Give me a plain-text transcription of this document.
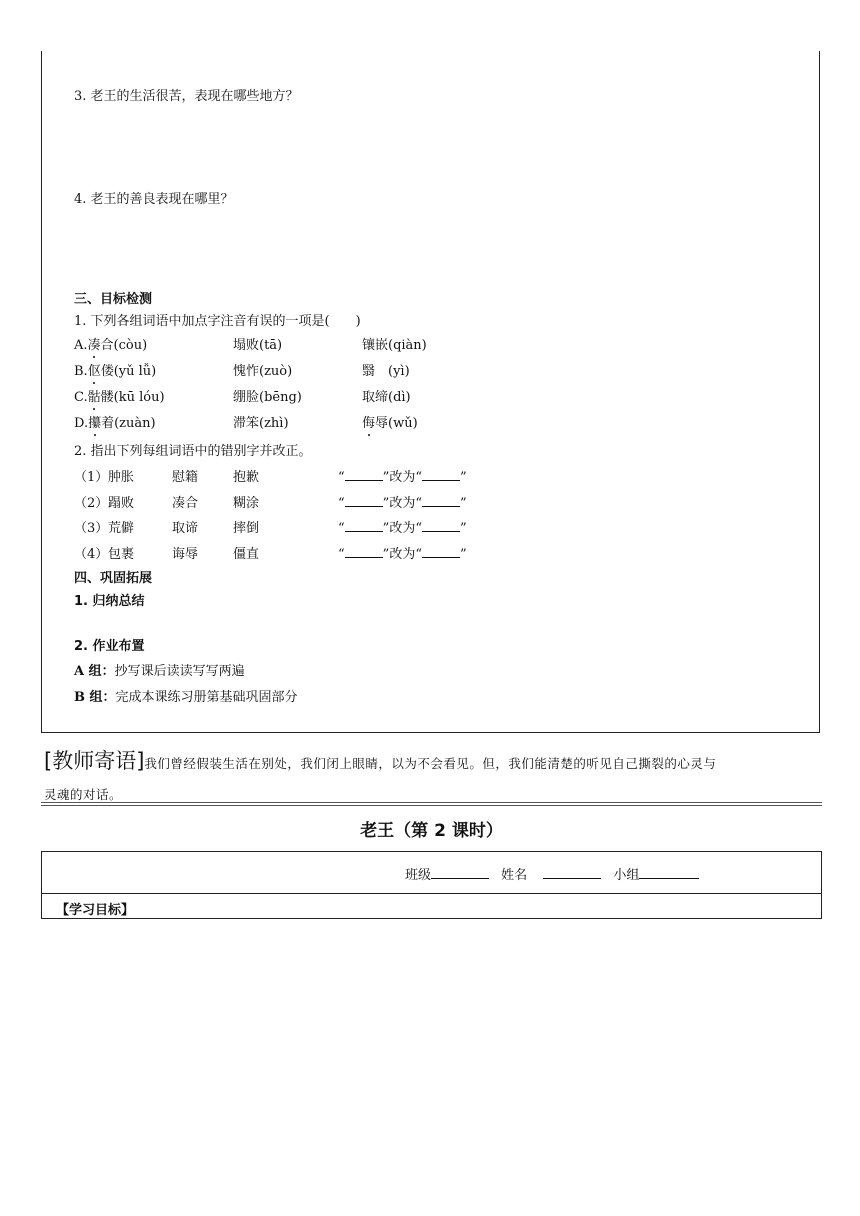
3. 老王的生活很苦，表现在哪些地方？
4. 老王的善良表现在哪里？
三、目标检测
1. 下列各组词语中加点字注音有误的一项是(　　)
A.凑合(còu)	塌败(tā)	镶嵌(qiàn)
B.伛偻(yǔ lǚ)	愧怍(zuò)	翳　(yì)
C.骷髅(kū lóu)	绷脸(bēng)	取缔(dì)
D.攥着(zuàn)	滞笨(zhì)	侮辱(wǔ)
2. 指出下列每组词语中的错别字并改正。
（1） 肿胀	慰籍	抱歉	“	”改为“	”
（2） 蹋败	凑合	糊涂	“	”改为“	”
（3） 荒僻	取谛	摔倒	“	”改为“	”
（4） 包裹	诲辱	僵直	“	”改为“	”
四、巩固拓展
1. 归纳总结
2. 作业布置
A 组：抄写课后读读写写两遍
B 组：完成本课练习册第基础巩固部分
[教师寄语]我们曾经假装生活在别处，我们闭上眼睛，以为不会看见。但，我们能清楚的听见自己撕裂的心灵与
灵魂的对话。
老王（第 2 课时）
班级	姓名	小组
【学习目标】
